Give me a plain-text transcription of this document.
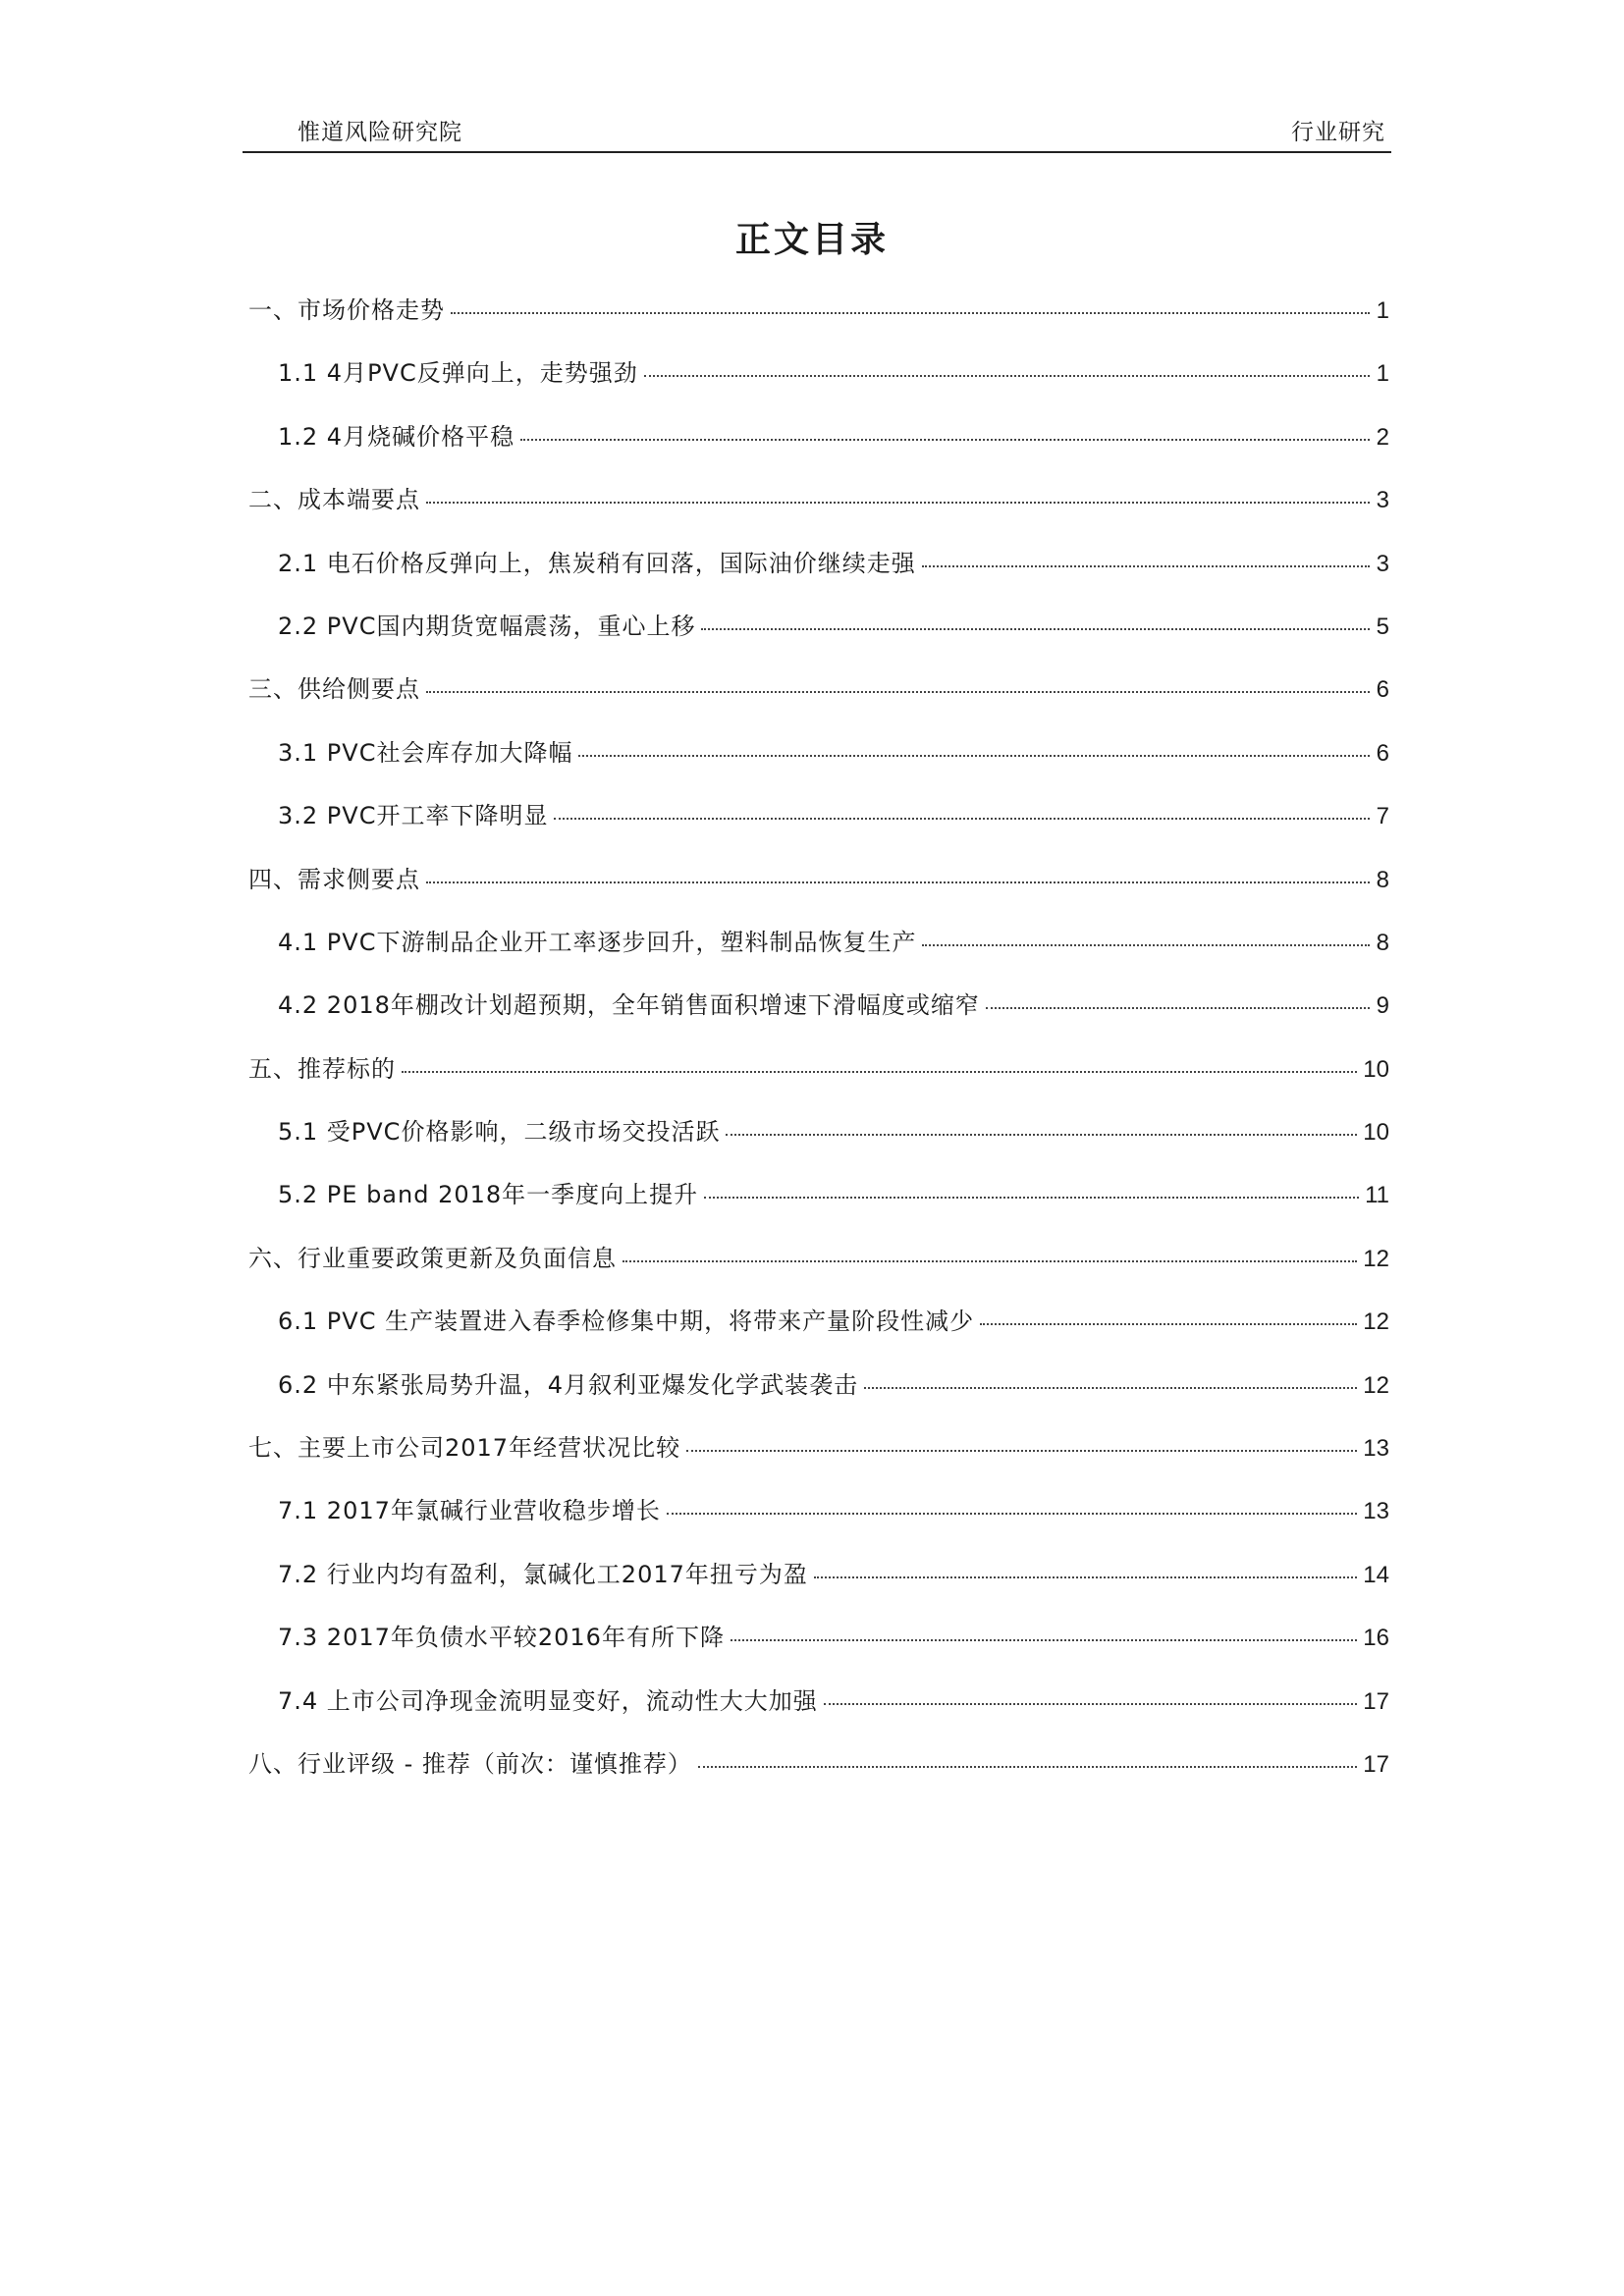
惟道风险研究院	行业研究
正文目录
一、市场价格走势	1
1.1 4月PVC反弹向上，走势强劲	1
1.2 4月烧碱价格平稳	2
二、成本端要点	3
2.1 电石价格反弹向上，焦炭稍有回落，国际油价继续走强	3
2.2 PVC国内期货宽幅震荡，重心上移	5
三、供给侧要点	6
3.1 PVC社会库存加大降幅	6
3.2 PVC开工率下降明显	7
四、需求侧要点	8
4.1 PVC下游制品企业开工率逐步回升，塑料制品恢复生产	8
4.2 2018年棚改计划超预期，全年销售面积增速下滑幅度或缩窄	9
五、推荐标的	10
5.1 受PVC价格影响，二级市场交投活跃	10
5.2 PE band 2018年一季度向上提升	11
六、行业重要政策更新及负面信息	12
6.1 PVC 生产装置进入春季检修集中期，将带来产量阶段性减少	12
6.2 中东紧张局势升温，4月叙利亚爆发化学武装袭击	12
七、主要上市公司2017年经营状况比较	13
7.1 2017年氯碱行业营收稳步增长	13
7.2 行业内均有盈利，氯碱化工2017年扭亏为盈	14
7.3 2017年负债水平较2016年有所下降	16
7.4 上市公司净现金流明显变好，流动性大大加强	17
八、行业评级 - 推荐（前次：谨慎推荐）	17
